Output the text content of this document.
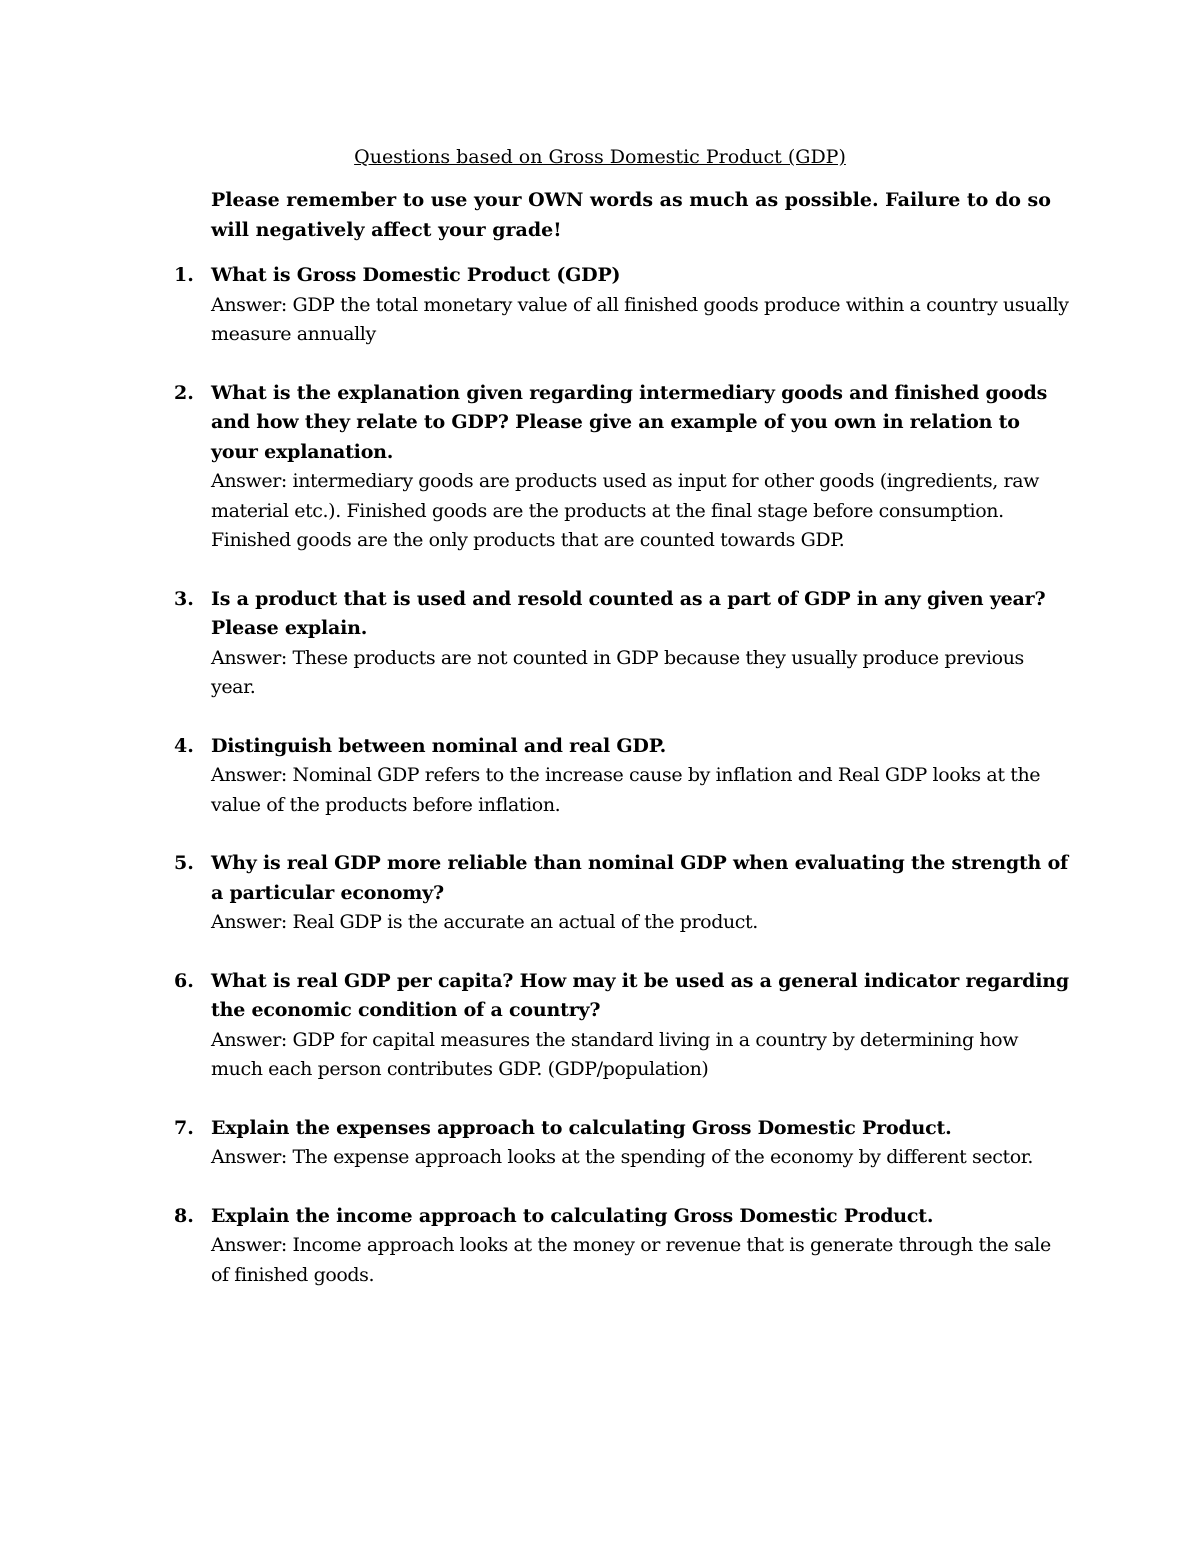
Questions based on Gross Domestic Product (GDP)
Please remember to use your OWN words as much as possible. Failure to do so will negatively affect your grade!
1. What is Gross Domestic Product (GDP)
Answer: GDP the total monetary value of all finished goods produce within a country usually measure annually
2. What is the explanation given regarding intermediary goods and finished goods and how they relate to GDP? Please give an example of you own in relation to your explanation.
Answer: intermediary goods are products used as input for other goods (ingredients, raw material etc.). Finished goods are the products at the final stage before consumption. Finished goods are the only products that are counted towards GDP.
3. Is a product that is used and resold counted as a part of GDP in any given year? Please explain.
Answer: These products are not counted in GDP because they usually produce previous year.
4. Distinguish between nominal and real GDP.
Answer: Nominal GDP refers to the increase cause by inflation and Real GDP looks at the value of the products before inflation.
5. Why is real GDP more reliable than nominal GDP when evaluating the strength of a particular economy?
Answer: Real GDP is the accurate an actual of the product.
6. What is real GDP per capita? How may it be used as a general indicator regarding the economic condition of a country?
Answer: GDP for capital measures the standard living in a country by determining how much each person contributes GDP. (GDP/population)
7. Explain the expenses approach to calculating Gross Domestic Product.
Answer: The expense approach looks at the spending of the economy by different sector.
8. Explain the income approach to calculating Gross Domestic Product.
Answer: Income approach looks at the money or revenue that is generate through the sale of finished goods.
